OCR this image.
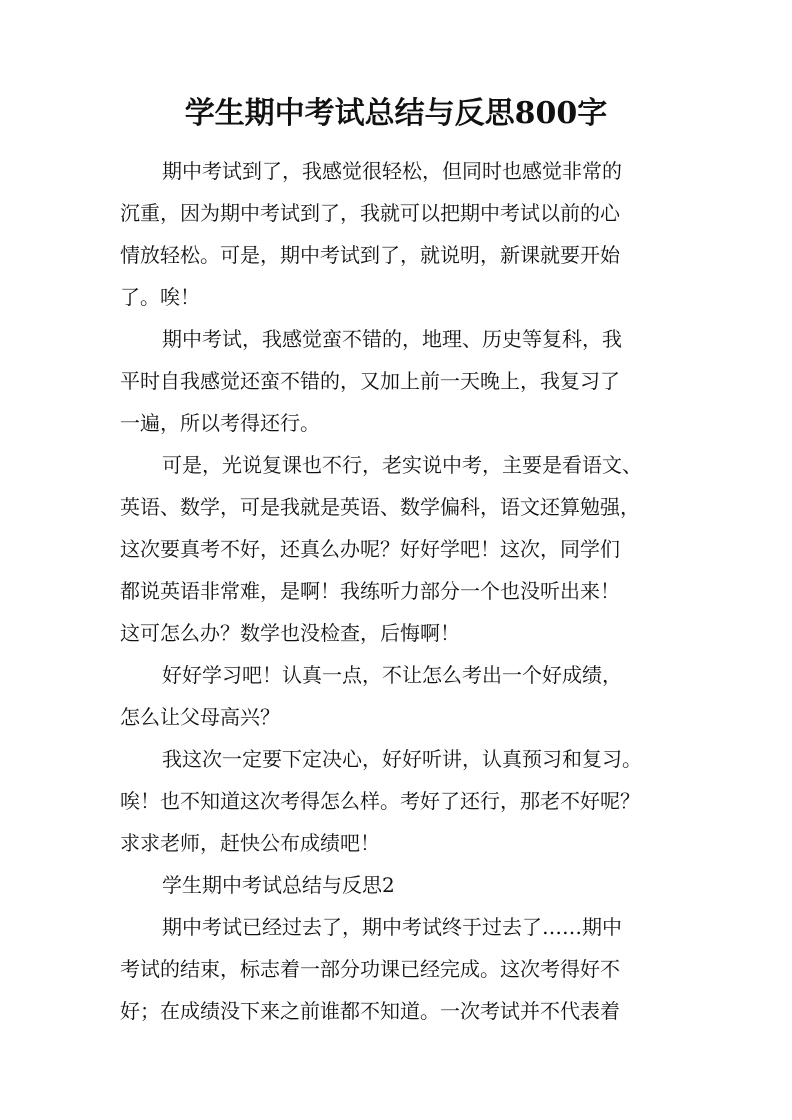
学生期中考试总结与反思800字
期中考试到了，我感觉很轻松，但同时也感觉非常的
沉重，因为期中考试到了，我就可以把期中考试以前的心
情放轻松。可是，期中考试到了，就说明，新课就要开始
了。唉！
期中考试，我感觉蛮不错的，地理、历史等复科，我
平时自我感觉还蛮不错的，又加上前一天晚上，我复习了
一遍，所以考得还行。
可是，光说复课也不行，老实说中考，主要是看语文、
英语、数学，可是我就是英语、数学偏科，语文还算勉强，
这次要真考不好，还真么办呢？好好学吧！这次，同学们
都说英语非常难，是啊！我练听力部分一个也没听出来！
这可怎么办？数学也没检查，后悔啊！
好好学习吧！认真一点，不让怎么考出一个好成绩，
怎么让父母高兴？
我这次一定要下定决心，好好听讲，认真预习和复习。
唉！也不知道这次考得怎么样。考好了还行，那老不好呢？
求求老师，赶快公布成绩吧！
学生期中考试总结与反思2
期中考试已经过去了，期中考试终于过去了……期中
考试的结束，标志着一部分功课已经完成。这次考得好不
好；在成绩没下来之前谁都不知道。一次考试并不代表着
